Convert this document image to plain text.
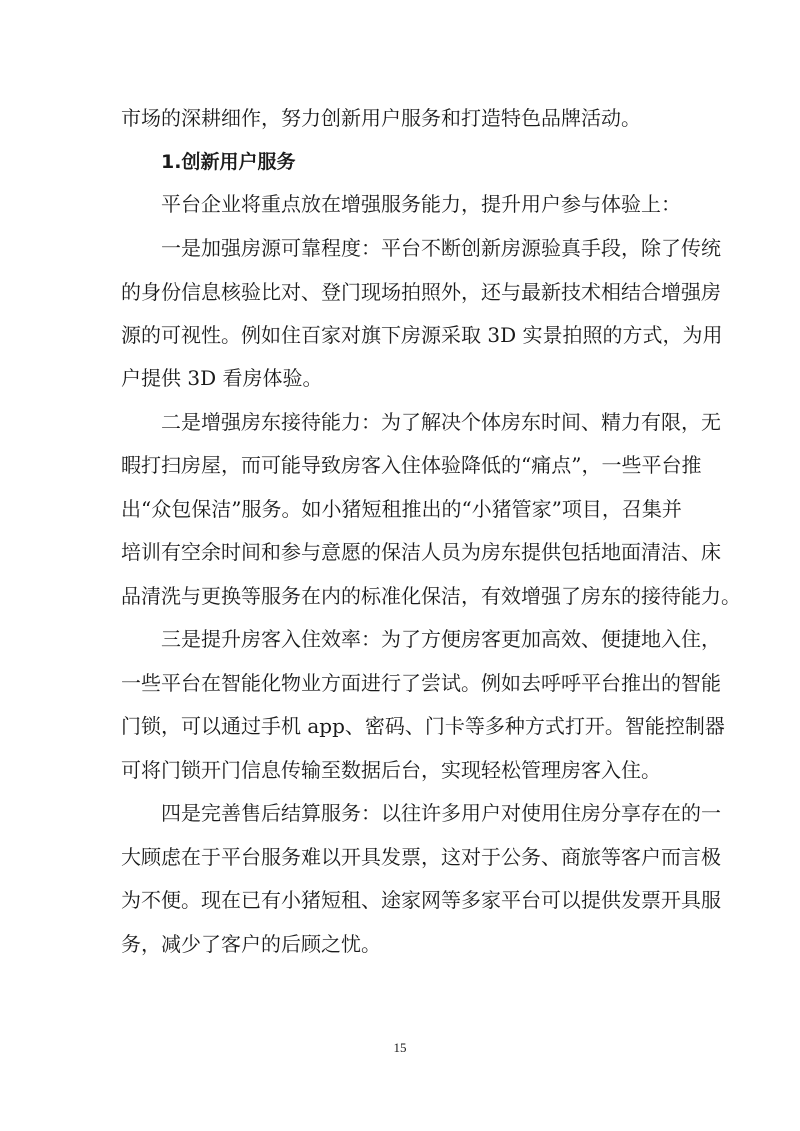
市场的深耕细作，努力创新用户服务和打造特色品牌活动。
1.创新用户服务
平台企业将重点放在增强服务能力，提升用户参与体验上：
一是加强房源可靠程度：平台不断创新房源验真手段，除了传统
的身份信息核验比对、登门现场拍照外，还与最新技术相结合增强房
源的可视性。例如住百家对旗下房源采取 3D 实景拍照的方式，为用
户提供 3D 看房体验。
二是增强房东接待能力：为了解决个体房东时间、精力有限，无
暇打扫房屋，而可能导致房客入住体验降低的“痛点”，一些平台推
出“众包保洁”服务。如小猪短租推出的“小猪管家”项目，召集并
培训有空余时间和参与意愿的保洁人员为房东提供包括地面清洁、床
品清洗与更换等服务在内的标准化保洁，有效增强了房东的接待能力。
三是提升房客入住效率：为了方便房客更加高效、便捷地入住，
一些平台在智能化物业方面进行了尝试。例如去呼呼平台推出的智能
门锁，可以通过手机 app、密码、门卡等多种方式打开。智能控制器
可将门锁开门信息传输至数据后台，实现轻松管理房客入住。
四是完善售后结算服务：以往许多用户对使用住房分享存在的一
大顾虑在于平台服务难以开具发票，这对于公务、商旅等客户而言极
为不便。现在已有小猪短租、途家网等多家平台可以提供发票开具服
务，减少了客户的后顾之忧。
15
